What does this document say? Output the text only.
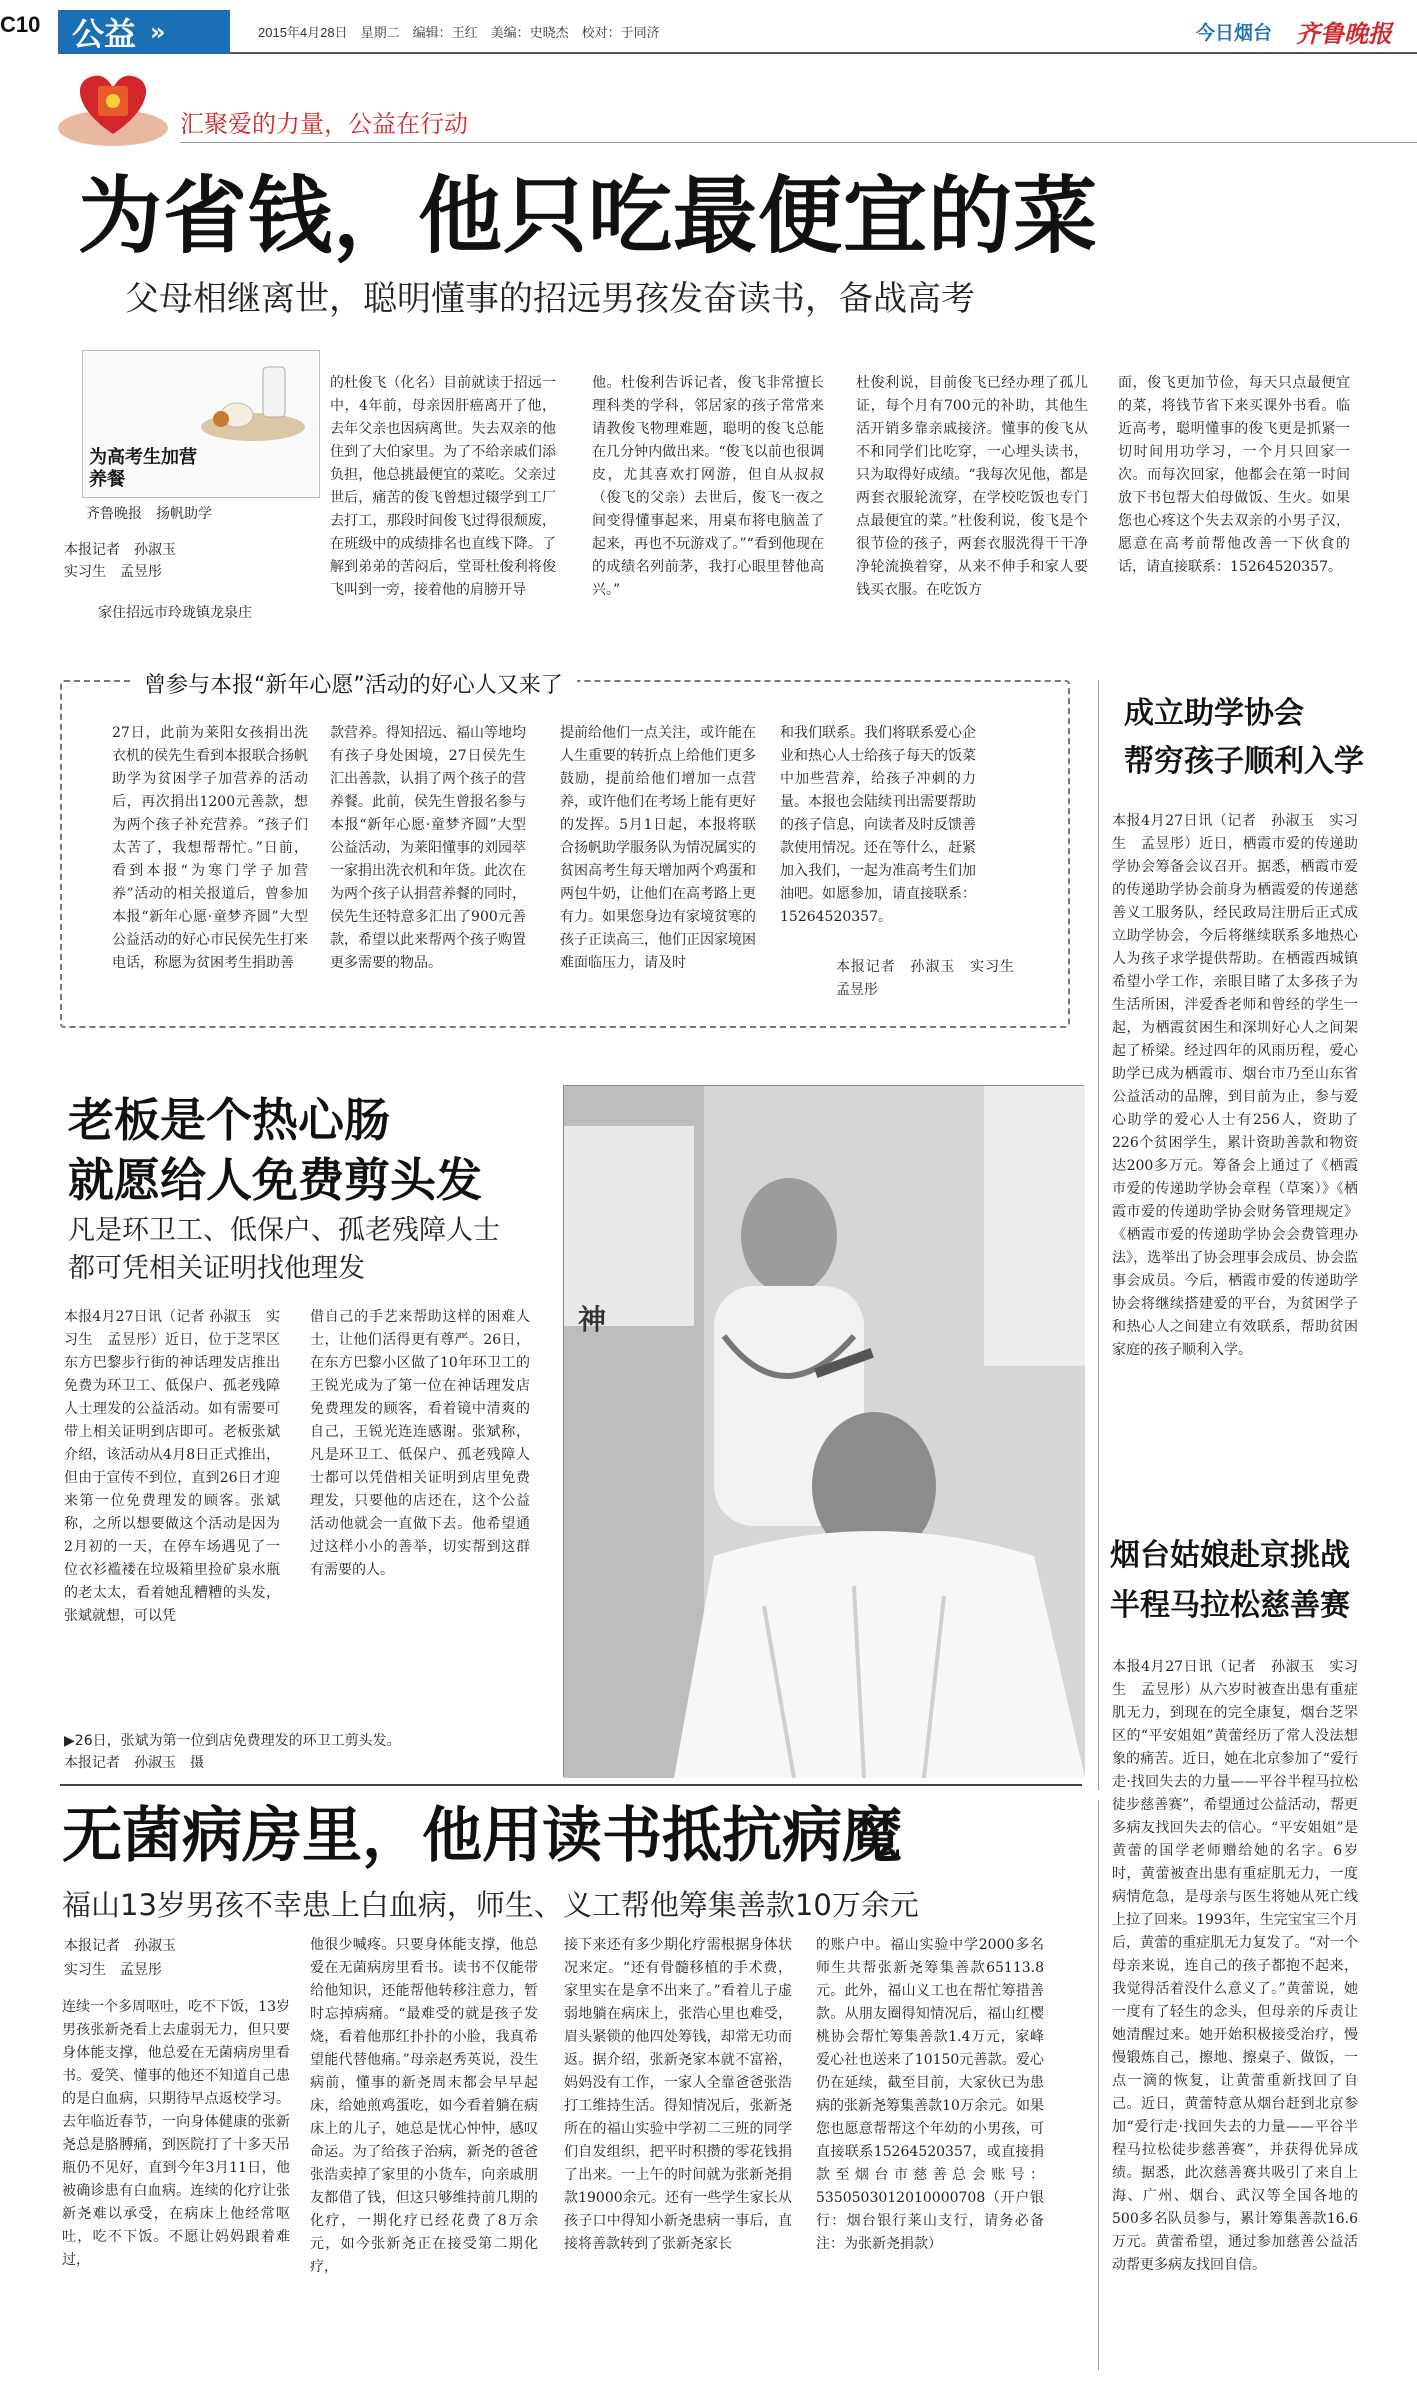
C10 公益 »	2015年4月28日　星期二　编辑：王红　美编：史晓杰　校对：于同济	今日烟台 齐鲁晚报
汇聚爱的力量，公益在行动
为省钱，他只吃最便宜的菜
父母相继离世，聪明懂事的招远男孩发奋读书，备战高考
为高考生加营养餐
齐鲁晚报　扬帆助学
本报记者　孙淑玉
实习生　孟昱彤
家住招远市玲珑镇龙泉庄
的杜俊飞（化名）目前就读于招远一中，4年前，母亲因肝癌离开了他，去年父亲也因病离世。失去双亲的他住到了大伯家里。为了不给亲戚们添负担，他总挑最便宜的菜吃。父亲过世后，痛苦的俊飞曾想过辍学到工厂去打工，那段时间俊飞过得很颓废，在班级中的成绩排名也直线下降。了解到弟弟的苦闷后，堂哥杜俊利将俊飞叫到一旁，接着他的肩膀开导
他。杜俊利告诉记者，俊飞非常擅长理科类的学科，邻居家的孩子常常来请教俊飞物理难题，聪明的俊飞总能在几分钟内做出来。“俊飞以前也很调皮，尤其喜欢打网游，但自从叔叔（俊飞的父亲）去世后，俊飞一夜之间变得懂事起来，用桌布将电脑盖了起来，再也不玩游戏了。”“看到他现在的成绩名列前茅，我打心眼里替他高兴。”
杜俊利说，目前俊飞已经办理了孤儿证，每个月有700元的补助，其他生活开销多靠亲戚接济。懂事的俊飞从不和同学们比吃穿，一心埋头读书，只为取得好成绩。“我每次见他，都是两套衣服轮流穿，在学校吃饭也专门点最便宜的菜。”杜俊利说，俊飞是个很节俭的孩子，两套衣服洗得干干净净轮流换着穿，从来不伸手和家人要钱买衣服。在吃饭方
面，俊飞更加节俭，每天只点最便宜的菜，将钱节省下来买课外书看。临近高考，聪明懂事的俊飞更是抓紧一切时间用功学习，一个月只回家一次。而每次回家，他都会在第一时间放下书包帮大伯母做饭、生火。如果您也心疼这个失去双亲的小男子汉，愿意在高考前帮他改善一下伙食的话，请直接联系：15264520357。
曾参与本报“新年心愿”活动的好心人又来了
27日，此前为莱阳女孩捐出洗衣机的侯先生看到本报联合扬帆助学为贫困学子加营养的活动后，再次捐出1200元善款，想为两个孩子补充营养。“孩子们太苦了，我想帮帮忙。”日前，看到本报“为寒门学子加营养”活动的相关报道后，曾参加本报“新年心愿·童梦齐圆”大型公益活动的好心市民侯先生打来电话，称愿为贫困考生捐助善
款营养。得知招远、福山等地均有孩子身处困境，27日侯先生汇出善款，认捐了两个孩子的营养餐。此前，侯先生曾报名参与本报“新年心愿·童梦齐圆”大型公益活动，为莱阳懂事的刘园萃一家捐出洗衣机和年货。此次在为两个孩子认捐营养餐的同时，侯先生还特意多汇出了900元善款，希望以此来帮两个孩子购置更多需要的物品。
提前给他们一点关注，或许能在人生重要的转折点上给他们更多鼓励，提前给他们增加一点营养，或许他们在考场上能有更好的发挥。5月1日起，本报将联合扬帆助学服务队为情况属实的贫困高考生每天增加两个鸡蛋和两包牛奶，让他们在高考路上更有力。如果您身边有家境贫寒的孩子正读高三，他们正因家境困难面临压力，请及时
和我们联系。我们将联系爱心企业和热心人士给孩子每天的饭菜中加些营养，给孩子冲刺的力量。本报也会陆续刊出需要帮助的孩子信息，向读者及时反馈善款使用情况。还在等什么，赶紧加入我们，一起为准高考生们加油吧。如愿参加，请直接联系：15264520357。
本报记者　孙淑玉　实习生　孟昱彤
老板是个热心肠
就愿给人免费剪头发
凡是环卫工、低保户、孤老残障人士
都可凭相关证明找他理发
本报4月27日讯（记者 孙淑玉　实习生　孟昱彤）近日，位于芝罘区东方巴黎步行街的神话理发店推出免费为环卫工、低保户、孤老残障人士理发的公益活动。如有需要可带上相关证明到店即可。老板张斌介绍，该活动从4月8日正式推出，但由于宣传不到位，直到26日才迎来第一位免费理发的顾客。张斌称，之所以想要做这个活动是因为2月初的一天，在停车场遇见了一位衣衫褴褛在垃圾箱里捡矿泉水瓶的老太太，看着她乱糟糟的头发，张斌就想，可以凭
借自己的手艺来帮助这样的困难人士，让他们活得更有尊严。26日，在东方巴黎小区做了10年环卫工的王锐光成为了第一位在神话理发店免费理发的顾客，看着镜中清爽的自己，王锐光连连感谢。张斌称，凡是环卫工、低保户、孤老残障人士都可以凭借相关证明到店里免费理发，只要他的店还在，这个公益活动他就会一直做下去。他希望通过这样小小的善举，切实帮到这群有需要的人。
神
▶26日，张斌为第一位到店免费理发的环卫工剪头发。
本报记者　孙淑玉　摄
成立助学协会
帮穷孩子顺利入学
本报4月27日讯（记者　孙淑玉　实习生　孟昱彤）近日，栖霞市爱的传递助学协会筹备会议召开。据悉，栖霞市爱的传递助学协会前身为栖霞爱的传递慈善义工服务队，经民政局注册后正式成立助学协会，今后将继续联系多地热心人为孩子求学提供帮助。在栖霞西城镇希望小学工作，亲眼目睹了太多孩子为生活所困，泮爱香老师和曾经的学生一起，为栖霞贫困生和深圳好心人之间架起了桥梁。经过四年的风雨历程，爱心助学已成为栖霞市、烟台市乃至山东省公益活动的品牌，到目前为止，参与爱心助学的爱心人士有256人，资助了226个贫困学生，累计资助善款和物资达200多万元。筹备会上通过了《栖霞市爱的传递助学协会章程（草案）》《栖霞市爱的传递助学协会财务管理规定》《栖霞市爱的传递助学协会会费管理办法》，选举出了协会理事会成员、协会监事会成员。今后，栖霞市爱的传递助学协会将继续搭建爱的平台，为贫困学子和热心人之间建立有效联系，帮助贫困家庭的孩子顺利入学。
烟台姑娘赴京挑战
半程马拉松慈善赛
本报4月27日讯（记者　孙淑玉　实习生　孟昱彤）从六岁时被查出患有重症肌无力，到现在的完全康复，烟台芝罘区的“平安姐姐”黄蕾经历了常人没法想象的痛苦。近日，她在北京参加了“爱行走·找回失去的力量——平谷半程马拉松徒步慈善赛”，希望通过公益活动，帮更多病友找回失去的信心。“平安姐姐”是黄蕾的国学老师赠给她的名字。6岁时，黄蕾被查出患有重症肌无力，一度病情危急，是母亲与医生将她从死亡线上拉了回来。1993年，生完宝宝三个月后，黄蕾的重症肌无力复发了。“对一个母亲来说，连自己的孩子都抱不起来，我觉得活着没什么意义了。”黄蕾说，她一度有了轻生的念头，但母亲的斥责让她清醒过来。她开始积极接受治疗，慢慢锻炼自己，擦地、擦桌子、做饭，一点一滴的恢复，让黄蕾重新找回了自己。近日，黄蕾特意从烟台赶到北京参加“爱行走·找回失去的力量——平谷半程马拉松徒步慈善赛”，并获得优异成绩。据悉，此次慈善赛共吸引了来自上海、广州、烟台、武汉等全国各地的500多名队员参与，累计筹集善款16.6万元。黄蕾希望，通过参加慈善公益活动帮更多病友找回自信。
无菌病房里，他用读书抵抗病魔
福山13岁男孩不幸患上白血病，师生、义工帮他筹集善款10万余元
本报记者　孙淑玉
实习生　孟昱彤
连续一个多周呕吐，吃不下饭，13岁男孩张新尧看上去虚弱无力，但只要身体能支撑，他总爱在无菌病房里看书。爱笑、懂事的他还不知道自己患的是白血病，只期待早点返校学习。去年临近春节，一向身体健康的张新尧总是胳膊痛，到医院打了十多天吊瓶仍不见好，直到今年3月11日，他被确诊患有白血病。连续的化疗让张新尧难以承受，在病床上他经常呕吐，吃不下饭。不愿让妈妈跟着难过，
他很少喊疼。只要身体能支撑，他总爱在无菌病房里看书。读书不仅能带给他知识，还能帮他转移注意力，暂时忘掉病痛。“最难受的就是孩子发烧，看着他那红扑扑的小脸，我真希望能代替他痛。”母亲赵秀英说，没生病前，懂事的新尧周末都会早早起床，给她煎鸡蛋吃，如今看着躺在病床上的儿子，她总是忧心忡忡，感叹命运。为了给孩子治病，新尧的爸爸张浩卖掉了家里的小货车，向亲戚朋友都借了钱，但这只够维持前几期的化疗，一期化疗已经花费了8万余元，如今张新尧正在接受第二期化疗，
接下来还有多少期化疗需根据身体状况来定。“还有骨髓移植的手术费，家里实在是拿不出来了。”看着儿子虚弱地躺在病床上，张浩心里也难受，眉头紧锁的他四处筹钱，却常无功而返。据介绍，张新尧家本就不富裕，妈妈没有工作，一家人全靠爸爸张浩打工维持生活。得知情况后，张新尧所在的福山实验中学初二三班的同学们自发组织，把平时积攒的零花钱捐了出来。一上午的时间就为张新尧捐款19000余元。还有一些学生家长从孩子口中得知小新尧患病一事后，直接将善款转到了张新尧家长
的账户中。福山实验中学2000多名师生共帮张新尧筹集善款65113.8元。此外，福山义工也在帮忙筹措善款。从朋友圈得知情况后，福山红樱桃协会帮忙筹集善款1.4万元，家峰爱心社也送来了10150元善款。爱心仍在延续，截至目前，大家伙已为患病的张新尧筹集善款10万余元。如果您也愿意帮帮这个年幼的小男孩，可直接联系15264520357，或直接捐款至烟台市慈善总会账号：5350503012010000708（开户银行：烟台银行莱山支行，请务必备注：为张新尧捐款）
